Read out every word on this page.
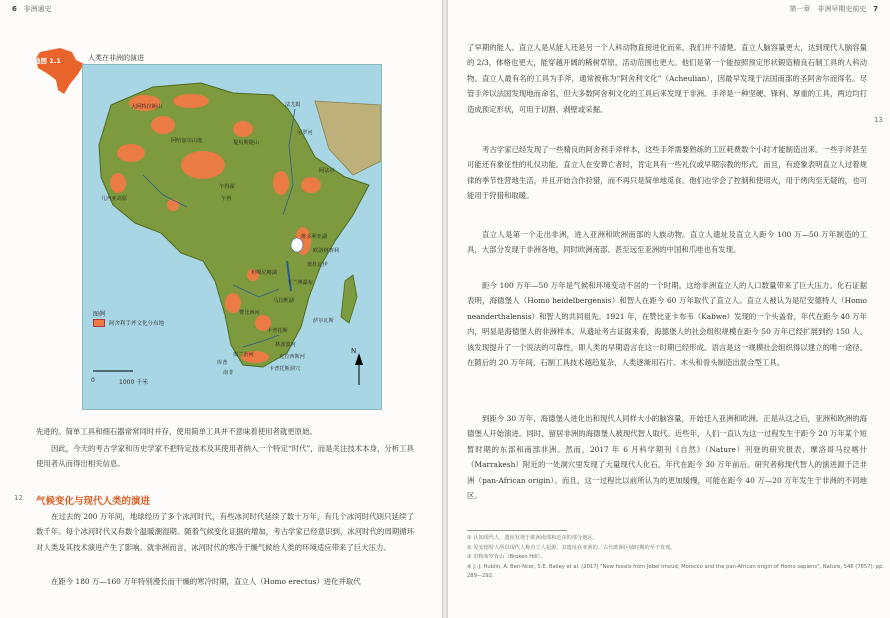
6 非洲通史
地图 1.1	人类在非洲的演进
大阿特拉斯山
阿哈加尔山地	提贝斯提山
尼罗河
法尤姆
几内亚高原
乍得湖
乍得
奥杜瓦伊
维多利亚湖
坦噶尼喀湖
马拉维湖
卡兰博瀑布
欧洛格赛利
赞比西河
卡普托斯
林波波河
奥兰治河	克拉西斯河
库普
萨尔瓦斯
卡普托斯洞穴
南非
阿法尔
图例
阿舍利手斧文化分布地
0	1000 千米
N
先进的。简单工具和细石器常常同时并存，使用简单工具并不意味着使用者就更原始。
因此，今天的考古学家和历史学家不把特定技术及其使用者纳入一个特定“时代”，而是关注技术本身，分析工具使用者从而得出相关信息。
12 气候变化与现代人类的演进
在过去的 200 万年间，地球经历了多个冰河时代，有些冰河时代延续了数十万年，有几个冰河时代则只延续了数千年。每个冰河时代又有数个温暖潮湿期。随着气候变化证据的增加，考古学家已经意识到，冰河时代的周期循环对人类及其技术演进产生了影响。就非洲而言，冰河时代的寒冷干燥气候给人类的环境适应带来了巨大压力。
在距今 180 万—160 万年特别漫长而干燥的寒冷时期，直立人（Homo erectus）进化并取代
第一章　非洲早期史前史 7
13
了早期的能人。直立人是从能人还是另一个人科动物直接进化而来，我们并不清楚。直立人脑容量更大，达到现代人脑容量的 2/3，体格也更大，能穿越开阔的稀树草原，活动范围也更大。他们是第一个能按照预定形状锻造精良石制工具的人科动物。直立人最有名的工具为手斧，通常被称为“阿舍利文化”（Acheulian），因最早发现于法国南部的圣阿舍尔而得名。尽管手斧以法国发现地而命名，但大多数阿舍利文化的工具后来发现于非洲。手斧是一种坚硬、锋利、厚重的工具，两边均打造成预定形状，可用于切割、剥壁或采掘。
考古学家已经发现了一些精良的阿舍利手斧样本，这些手斧需要熟练的工匠耗费数个小时才能制造出来。一些手斧甚至可能还有象征性的礼仪功能。直立人在安葬亡者时，肯定具有一些礼仪或早期宗教的形式。而且，有迹象表明直立人过着规律的季节性营地生活，并且开始合作狩猎，而不再只是简单地觅食。他们也学会了控制和使用火，用于烤肉至无疑的，也可能用于狩猎和取暖。
直立人是第一个走出非洲，进入亚洲和欧洲南部的人族动物。直立人遗址及直立人距今 100 万—50 万年制造的工具，大部分发现于非洲各地，同时欧洲南部、甚至远至亚洲的中国和爪哇也有发现。
距今 100 万年—50 万年是气候和环境变动不居的一个时期。这给非洲直立人的人口数量带来了巨大压力。化石证据表明，海德堡人（Homo heidelbergensis）和智人在距今 60 万年取代了直立人。直立人被认为是尼安德特人（Homo neanderthalensis）和智人的共同祖先。1921 年，在赞比亚卡布韦（Kabwe）发现的一个头盖骨，年代在距今 40 万年内，明显是海德堡人的非洲样本。从遗址考古证据来看，海德堡人的社会组织规模在距今 50 万年已经扩展到约 150 人。该发现提升了一个说法的可靠性，即人类的早期语言在这一时期已经形成。语言是这一规模社会组织得以建立的唯一途径。在随后的 20 万年间，石制工具技术越趋复杂，人类逐渐用石片、木头和骨头制造出混合型工具。
到距今 30 万年，海德堡人进化出和现代人同样大小的脑容量，开始迁入亚洲和欧洲。正是从这之后，亚洲和欧洲的海德堡人开始演进。同时，留居非洲的海德堡人被现代智人取代。近些年，人们一直认为这一过程发生于距今 20 万年某个短暂时期的东部和南部非洲。然而，2017 年 6 月科学期刊《自然》（Nature）刊登的研究报表，摩洛哥马拉喀什（Marrakesh）附近的一处洞穴里发现了大量现代人化石，年代在距今 30 万年前后。研究者称现代智人的演进源于泛非洲（pan-African origin）。而且，这一过程比以前所认为的更加缓慢，可能在距今 40 万—20 万年发生于非洲的不同地区。
① 认知现代人，遗址发现于欧洲南部和近东的部分地区。
② 见安德特人所以现代人称直立人起源，其遗址在亚洲的、古代欧洲区域时期的至于发现。
③ 旧称布罗肯山（Broken Hill）。
④ J.-J. Hublin, A. Ben-Ncer, S.E. Bailey et al. (2017) "New fossils from Jebel Irhoud, Morocco and the pan-African origin of Homo sapiens", Nature, 546 (7657): pp. 289—292.
